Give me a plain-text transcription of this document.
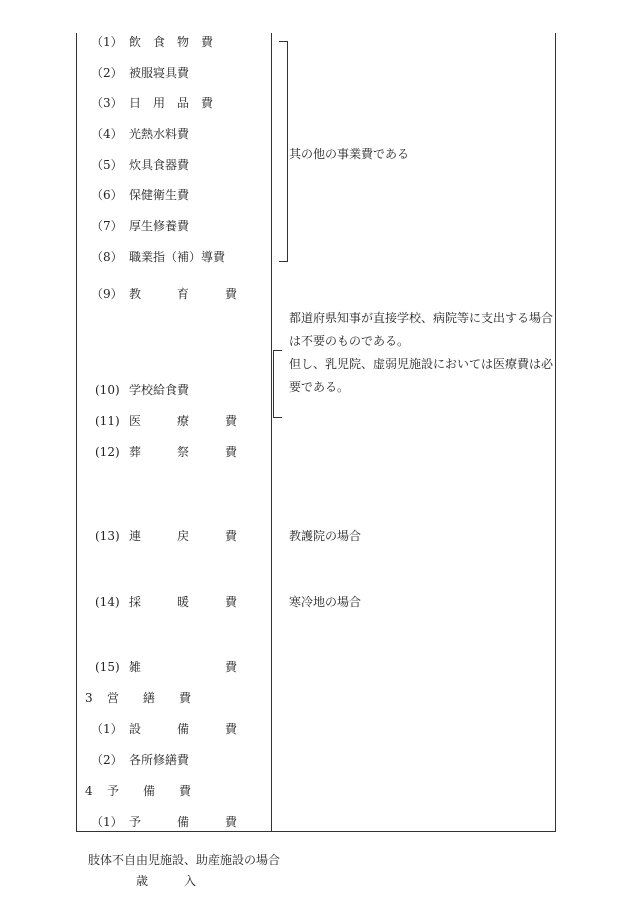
（1） 飲　食　物　費
（2） 被服寝具費
（3） 日　用　品　費
（4） 光熱水料費
（5） 炊具食器費
（6） 保健衛生費
（7） 厚生修養費
（8） 職業指（補）導費
（9） 教　　　育　　　費
(10) 学校給食費
(11) 医　　　療　　　費
(12) 葬　　　祭　　　費
(13) 連　　　戻　　　費
(14) 採　　　暖　　　費
(15) 雑　　　　　　　費
3 営　　繕　　費
（1） 設　　　備　　　費
（2） 各所修繕費
4 予　　備　　費
（1） 予　　　備　　　費
其の他の事業費である
都道府県知事が直接学校、病院等に支出する場合
は不要のものである。
但し、乳児院、虚弱児施設においては医療費は必
要である。
教護院の場合
寒冷地の場合
肢体不自由児施設、助産施設の場合
歳　　　入
